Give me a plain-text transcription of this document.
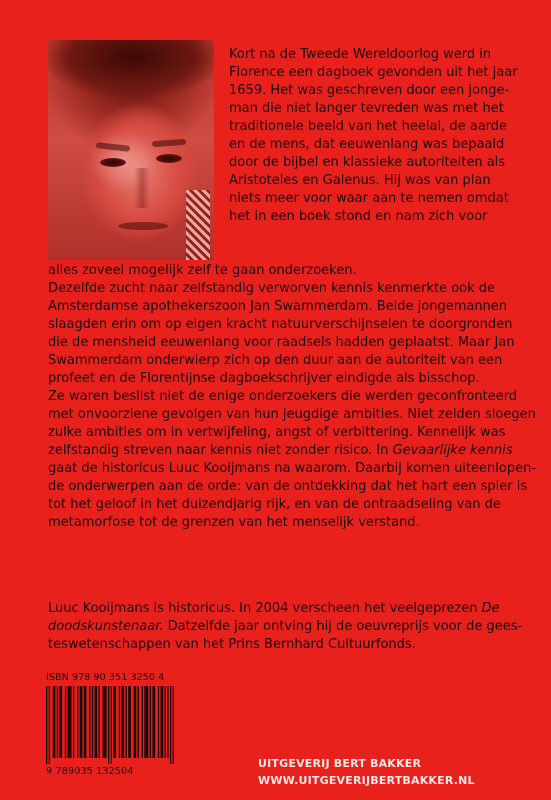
Kort na de Tweede Wereldoorlog werd in
Florence een dagboek gevonden uit het jaar
1659. Het was geschreven door een jonge-
man die niet langer tevreden was met het
traditionele beeld van het heelal, de aarde
en de mens, dat eeuwenlang was bepaald
door de bijbel en klassieke autoriteiten als
Aristoteles en Galenus. Hij was van plan
niets meer voor waar aan te nemen omdat
het in een boek stond en nam zich voor
alles zoveel mogelijk zelf te gaan onderzoeken.
Dezelfde zucht naar zelfstandig verworven kennis kenmerkte ook de
Amsterdamse apothekerszoon Jan Swammerdam. Beide jongemannen
slaagden erin om op eigen kracht natuurverschijnselen te doorgronden
die de mensheid eeuwenlang voor raadsels hadden geplaatst. Maar Jan
Swammerdam onderwierp zich op den duur aan de autoriteit van een
profeet en de Florentijnse dagboekschrijver eindigde als bisschop.
Ze waren beslist niet de enige onderzoekers die werden geconfronteerd
met onvoorziene gevolgen van hun jeugdige ambities. Niet zelden sloegen
zulke ambities om in vertwijfeling, angst of verbittering. Kennelijk was
zelfstandig streven naar kennis niet zonder risico. In Gevaarlijke kennis
gaat de historicus Luuc Kooijmans na waarom. Daarbij komen uiteenlopen-
de onderwerpen aan de orde: van de ontdekking dat het hart een spier is
tot het geloof in het duizendjarig rijk, en van de ontraadseling van de
metamorfose tot de grenzen van het menselijk verstand.
Luuc Kooijmans is historicus. In 2004 verscheen het veelgeprezen De
doodskunstenaar. Datzelfde jaar ontving hij de oeuvreprijs voor de gees-
teswetenschappen van het Prins Bernhard Cultuurfonds.
ISBN 978 90 351 3250 4
9 789035 132504
UITGEVERIJ BERT BAKKER
WWW.UITGEVERIJBERTBAKKER.NL
